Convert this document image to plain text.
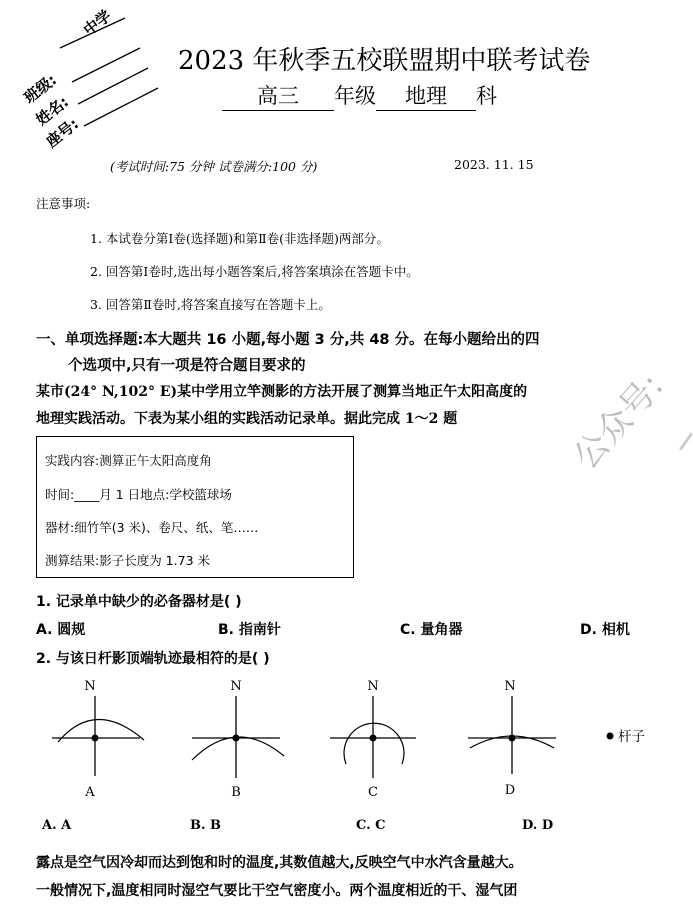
中学
班级:
姓名:
座号:
2023 年秋季五校联盟期中联考试卷
高三 年级 地理 科
(考试时间:75 分钟 试卷满分:100 分)	2023. 11. 15
注意事项:
1. 本试卷分第Ⅰ卷(选择题)和第Ⅱ卷(非选择题)两部分。
2. 回答第Ⅰ卷时,选出每小题答案后,将答案填涂在答题卡中。
3. 回答第Ⅱ卷时,将答案直接写在答题卡上。
一、单项选择题:本大题共 16 小题,每小题 3 分,共 48 分。在每小题给出的四
个选项中,只有一项是符合题目要求的
某市(24° N,102° E)某中学用立竿测影的方法开展了测算当地正午太阳高度的
地理实践活动。下表为某小组的实践活动记录单。据此完成 1～2 题
实践内容:测算正午太阳高度角
时间:____月 1 日地点:学校篮球场
器材:细竹竿(3 米)、卷尺、纸、笔……
测算结果:影子长度为 1.73 米
公众号:
1. 记录单中缺少的必备器材是( )
A. 圆规	B. 指南针	C. 量角器	D. 相机
2. 与该日杆影顶端轨迹最相符的是( )
N
A
N
B
N
C
N
D
杆子
A. A	B. B	C. C	D. D
露点是空气因冷却而达到饱和时的温度,其数值越大,反映空气中水汽含量越大。
一般情况下,温度相同时湿空气要比干空气密度小。两个温度相近的干、湿气团
